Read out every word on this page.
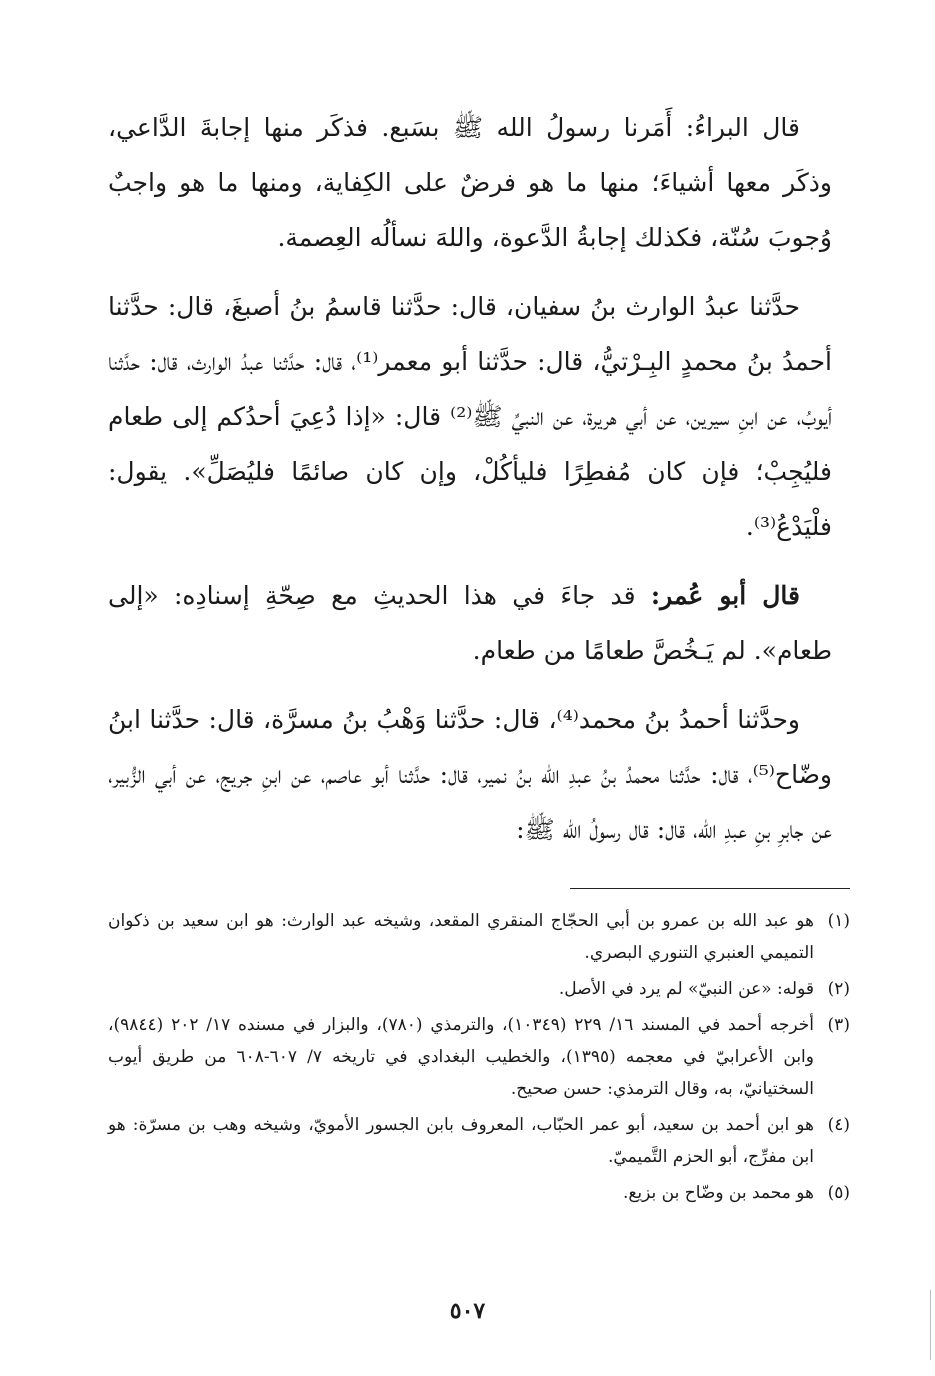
قال البراءُ: أَمَرنا رسولُ الله ﷺ بسَبع. فذكَر منها إجابةَ الدَّاعي، وذكَر معها أشياءَ؛ منها ما هو فرضٌ على الكِفاية، ومنها ما هو واجبٌ وُجوبَ سُنّة، فكذلك إجابةُ الدَّعوة، واللهَ نسألُه العِصمة.

حدَّثنا عبدُ الوارث بنُ سفيان، قال: حدَّثنا قاسمُ بنُ أصبغَ، قال: حدَّثنا أحمدُ بنُ محمدٍ البِـرْتيُّ، قال: حدَّثنا أبو معمر⁽¹⁾، قال: حدَّثنا عبدُ الوارث، قال: حدَّثنا أيوبُ، عن ابنِ سيرين، عن أبي هريرة، عن النبيِّ ﷺ⁽²⁾ قال: «إذا دُعِيَ أحدُكم إلى طعام فليُجِبْ؛ فإن كان مُفطِرًا فليأكُلْ، وإن كان صائمًا فليُصَلِّ». يقول: فلْيَدْعُ⁽³⁾.

قال أبو عُمر: قد جاءَ في هذا الحديثِ مع صِحّةِ إسنادِه: «إلى طعام». لم يَـخُصَّ طعامًا من طعام.

وحدَّثنا أحمدُ بنُ محمد⁽⁴⁾، قال: حدَّثنا وَهْبُ بنُ مسرَّة، قال: حدَّثنا ابنُ وضّاح⁽⁵⁾، قال: حدَّثنا محمدُ بنُ عبدِ الله بنُ نمير، قال: حدَّثنا أبو عاصم، عن ابنِ جريج، عن أبي الزُّبير، عن جابرِ بنِ عبدِ الله، قال: قال رسولُ الله ﷺ:

(١)هو عبد الله بن عمرو بن أبي الحجّاج المنقري المقعد، وشيخه عبد الوارث: هو ابن سعيد بن ذكوان التميمي العنبري التنوري البصري.
(٢)قوله: «عن النبيّ» لم يرد في الأصل.
(٣)أخرجه أحمد في المسند ١٦/ ٢٢٩ (١٠٣٤٩)، والترمذي (٧٨٠)، والبزار في مسنده ١٧/ ٢٠٢ (٩٨٤٤)، وابن الأعرابيّ في معجمه (١٣٩٥)، والخطيب البغدادي في تاريخه ٧/ ٦٠٧-٦٠٨ من طريق أيوب السختيانيّ، به، وقال الترمذي: حسن صحيح.
(٤)هو ابن أحمد بن سعيد، أبو عمر الحبّاب، المعروف بابن الجسور الأمويّ، وشيخه وهب بن مسرّة: هو ابن مفرِّج، أبو الحزم التَّميميّ.
(٥)هو محمد بن وضّاح بن بزيع.
٥٠٧
